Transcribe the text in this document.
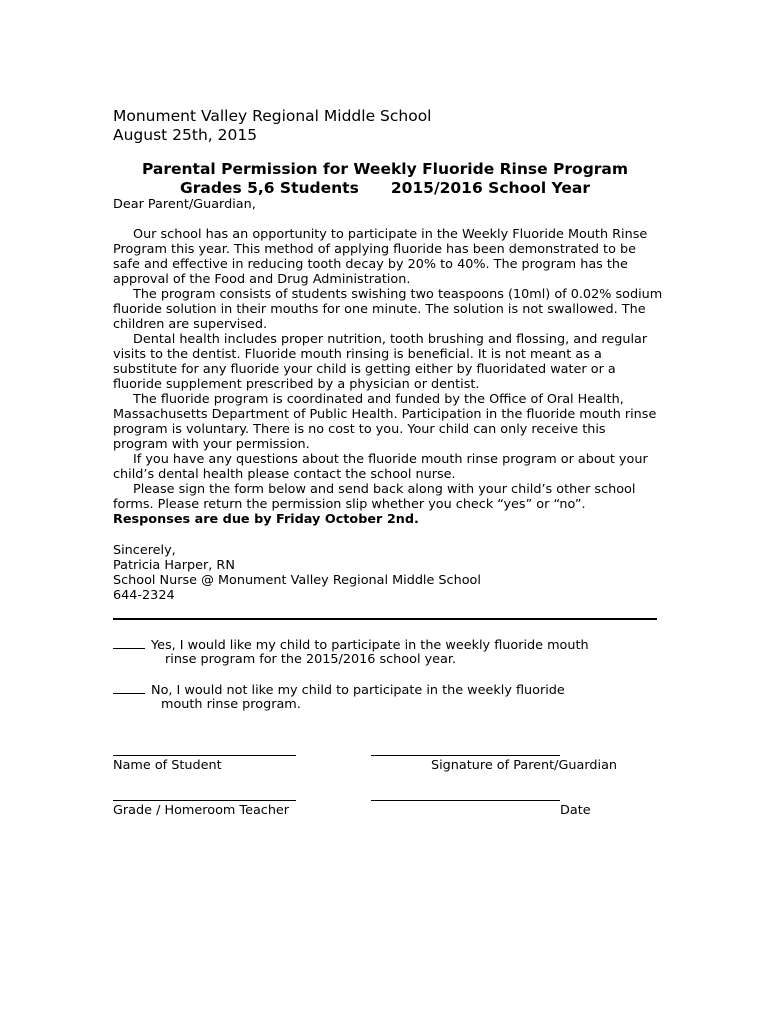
Monument Valley Regional Middle School
August 25th, 2015
Parental Permission for Weekly Fluoride Rinse Program
Grades 5,6 Students 2015/2016 School Year
Dear Parent/Guardian,
Our school has an opportunity to participate in the Weekly Fluoride Mouth Rinse
Program this year. This method of applying fluoride has been demonstrated to be
safe and effective in reducing tooth decay by 20% to 40%. The program has the
approval of the Food and Drug Administration.
The program consists of students swishing two teaspoons (10ml) of 0.02% sodium
fluoride solution in their mouths for one minute. The solution is not swallowed. The
children are supervised.
Dental health includes proper nutrition, tooth brushing and flossing, and regular
visits to the dentist. Fluoride mouth rinsing is beneficial. It is not meant as a
substitute for any fluoride your child is getting either by fluoridated water or a
fluoride supplement prescribed by a physician or dentist.
The fluoride program is coordinated and funded by the Office of Oral Health,
Massachusetts Department of Public Health. Participation in the fluoride mouth rinse
program is voluntary. There is no cost to you. Your child can only receive this
program with your permission.
If you have any questions about the fluoride mouth rinse program or about your
child’s dental health please contact the school nurse.
Please sign the form below and send back along with your child’s other school
forms. Please return the permission slip whether you check “yes” or “no”.
Responses are due by Friday October 2nd.
Sincerely,
Patricia Harper, RN
School Nurse @ Monument Valley Regional Middle School
644-2324
Yes, I would like my child to participate in the weekly fluoride mouth
rinse program for the 2015/2016 school year.
No, I would not like my child to participate in the weekly fluoride
mouth rinse program.
Name of Student	Signature of Parent/Guardian
Grade / Homeroom Teacher	Date
